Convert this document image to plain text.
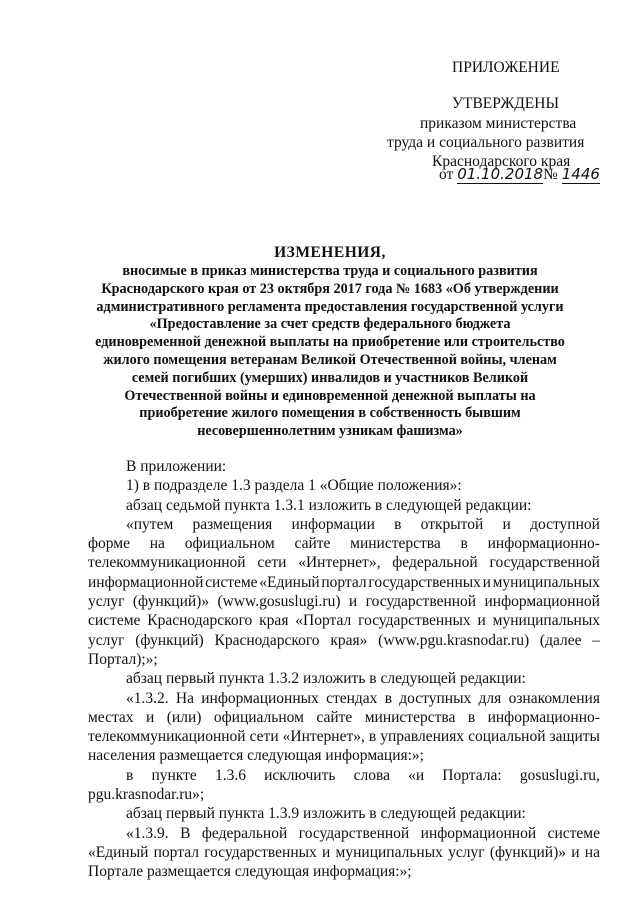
ПРИЛОЖЕНИЕ
УТВЕРЖДЕНЫ
приказом министерства
труда и социального развития
Краснодарского края
от 01.10.2018№ 1446
ИЗМЕНЕНИЯ,
вносимые в приказ министерства труда и социального развития
Краснодарского края от 23 октября 2017 года № 1683 «Об утверждении
административного регламента предоставления государственной услуги
«Предоставление за счет средств федерального бюджета
единовременной денежной выплаты на приобретение или строительство
жилого помещения ветеранам Великой Отечественной войны, членам
семей погибших (умерших) инвалидов и участников Великой
Отечественной войны и единовременной денежной выплаты на
приобретение жилого помещения в собственность бывшим
несовершеннолетним узникам фашизма»
В приложении:
1) в подразделе 1.3 раздела 1 «Общие положения»:
абзац седьмой пункта 1.3.1 изложить в следующей редакции:
«путем размещения информации в открытой и доступной
форме на официальном сайте министерства в информационно-
телекоммуникационной сети «Интернет», федеральной государственной
информационной системе «Единый портал государственных и муниципальных
услуг (функций)» (www.gosuslugi.ru) и государственной информационной
системе Краснодарского края «Портал государственных и муниципальных
услуг (функций) Краснодарского края» (www.pgu.krasnodar.ru) (далее –
Портал);»;
абзац первый пункта 1.3.2 изложить в следующей редакции:
«1.3.2. На информационных стендах в доступных для ознакомления
местах и (или) официальном сайте министерства в информационно-
телекоммуникационной сети «Интернет», в управлениях социальной защиты
населения размещается следующая информация:»;
в пункте 1.3.6 исключить слова «и Портала: gosuslugi.ru,
pgu.krasnodar.ru»;
абзац первый пункта 1.3.9 изложить в следующей редакции:
«1.3.9. В федеральной государственной информационной системе
«Единый портал государственных и муниципальных услуг (функций)» и на
Портале размещается следующая информация:»;
